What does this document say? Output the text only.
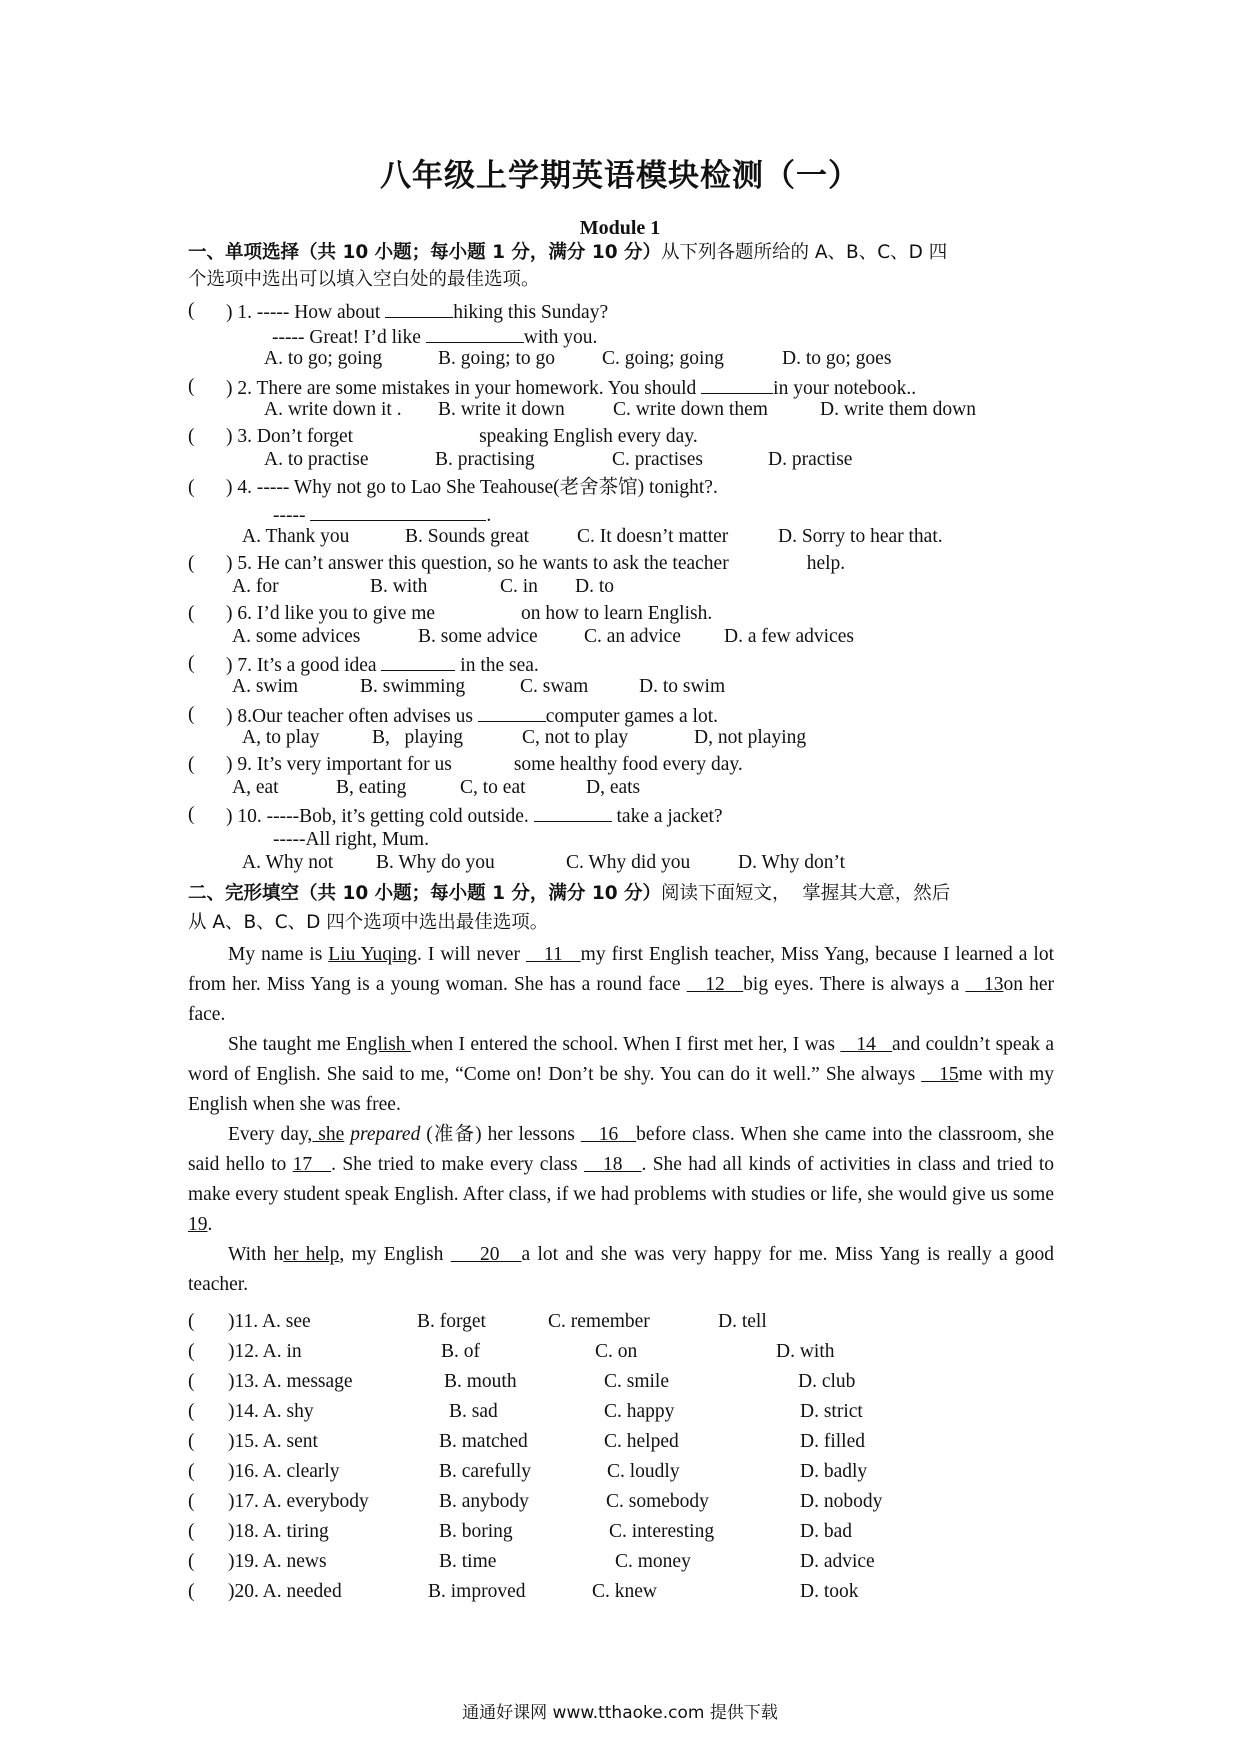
八年级上学期英语模块检测（一）
Module 1
一、单项选择（共 10 小题；每小题 1 分，满分 10 分）从下列各题所给的 A、B、C、D 四
个选项中选出可以填入空白处的最佳选项。
( ) 1. ----- How about	hiking this Sunday?
----- Great! I’d like	with you.
A. to go; going	B. going; to go C. going; going	D. to go; goes
( ) 2. There are some mistakes in your homework. You should	in your notebook..
A. write down it . B. write it down C. write down them	D. write them down
( ) 3. Don’t forget	speaking English every day.
A. to practise	B. practising	C. practises	D. practise
( ) 4. ----- Why not go to Lao She Teahouse(老舍茶馆) tonight?.
-----	.
A. Thank you	B. Sounds great C. It doesn’t matter	D. Sorry to hear that.
( ) 5. He can’t answer this question, so he wants to ask the teacher	help.
A. for	B. with	C. in D. to
( ) 6. I’d like you to give me	on how to learn English.
A. some advices	B. some advice C. an advice D. a few advices
( ) 7. It’s a good idea	in the sea.
A. swim	B. swimming	C. swam	D. to swim
( ) 8.Our teacher often advises us	computer games a lot.
A, to play	B,   playing	C, not to play	D, not playing
( ) 9. It’s very important for us	some healthy food every day.
A, eat	B, eating	C, to eat	D, eats
( ) 10. -----Bob, it’s getting cold outside.	take a jacket?
-----All right, Mum.
A. Why not B. Why do you	C. Why did you D. Why don’t
二、完形填空（共 10 小题；每小题 1 分，满分 10 分）阅读下面短文，  掌握其大意，然后
从 A、B、C、D 四个选项中选出最佳选项。
My name is Liu Yuqing. I will never    11 my first English teacher, Miss Yang, because I learned a lot from her. Miss Yang is a young woman. She has a round face    12 big eyes. There is always a    13on her face.
She taught me English when I entered the school. When I first met her, I was    14 and couldn’t speak a word of English. She said to me, “Come on! Don’t be shy. You can do it well.” She always    15me with my English when she was free.
Every day, she prepared (准备) her lessons    16 before class. When she came into the classroom, she said hello to 17 . She tried to make every class    18 . She had all kinds of activities in class and tried to make every student speak English. After class, if we had problems with studies or life, she would give us some 19.
With her help, my English     20 a lot and she was very happy for me. Miss Yang is really a good teacher.
( )11. A. see	B. forget	C. remember	D. tell
( )12. A. in	B. of	C. on	D. with
( )13. A. message	B. mouth	C. smile	D. club
( )14. A. shy	B. sad	C. happy	D. strict
( )15. A. sent	B. matched	C. helped	D. filled
( )16. A. clearly	B. carefully	C. loudly	D. badly
( )17. A. everybody	B. anybody	C. somebody	D. nobody
( )18. A. tiring	B. boring	C. interesting	D. bad
( )19. A. news	B. time	C. money	D. advice
( )20. A. needed	B. improved	C. knew	D. took
通通好课网 www.tthaoke.com 提供下载
